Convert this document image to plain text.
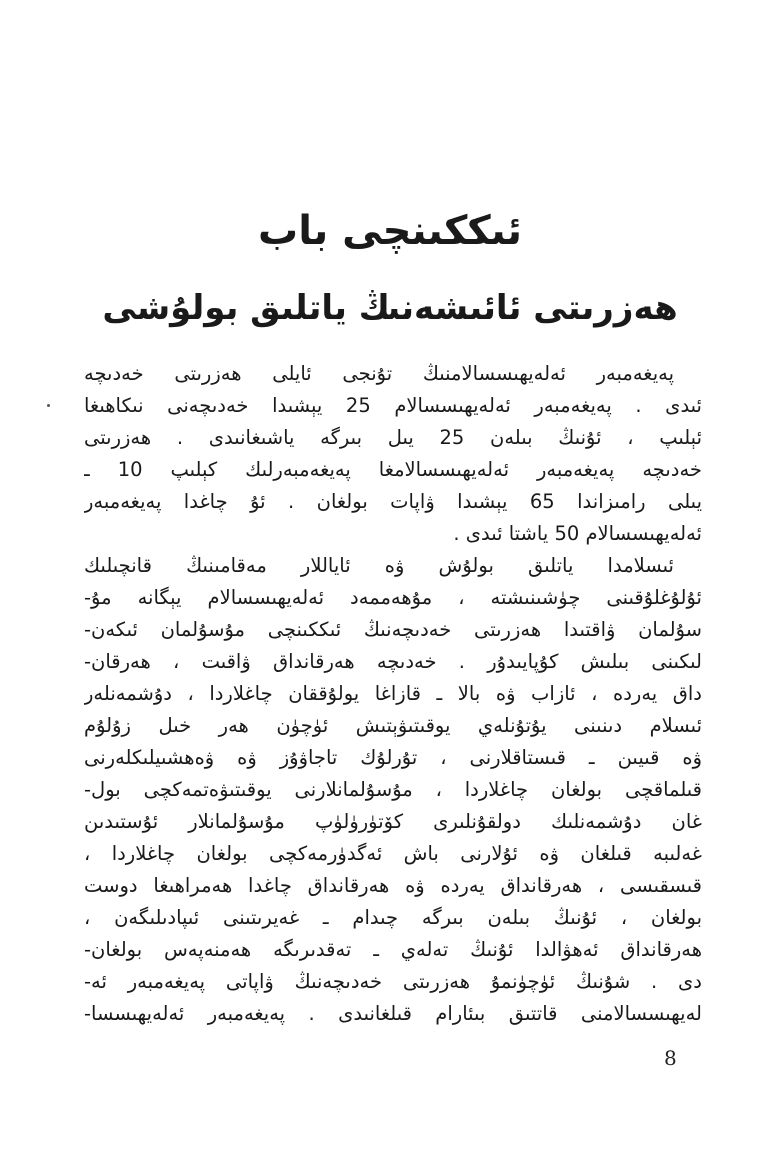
ئىككىنچى باب
ھەزرىتى ئائىشەنىڭ ياتلىق بولۇشى
پەيغەمبەر ئەلەيھىسسالامنىڭ تۇنجى ئايلى ھەزرىتى خەدىچە
ئىدى . پەيغەمبەر ئەلەيھىسسالام 25 يېشىدا خەدىچەنى نىكاھىغا
ئېلىپ ، ئۇنىڭ بىلەن 25 يىل بىرگە ياشىغانىدى . ھەزرىتى
خەدىچە پەيغەمبەر ئەلەيھىسسالامغا پەيغەمبەرلىك كېلىپ 10 ـ
يىلى رامىزاندا 65 يېشىدا ۋاپات بولغان . ئۇ چاغدا پەيغەمبەر
ئەلەيھىسسالام 50 ياشتا ئىدى .
ئىسلامدا ياتلىق بولۇش ۋە ئاياللار مەقامىنىڭ قانچىلىك
ئۇلۇغلۇقىنى چۈشىنىشتە ، مۇھەممەد ئەلەيھىسسالام يېگانە مۇ-
سۇلمان ۋاقتىدا ھەزرىتى خەدىچەنىڭ ئىككىنچى مۇسۇلمان ئىكەن-
لىكىنى بىلىش كۇپايىدۇر . خەدىچە ھەرقانداق ۋاقىت ، ھەرقان-
داق يەردە ، ئازاب ۋە بالا ـ قازاغا يولۇققان چاغلاردا ، دۇشمەنلەر
ئىسلام دىنىنى يۇتۇنلەي يوقىتىۋېتىش ئۈچۈن ھەر خىل زۇلۇم
ۋە قىيىن ـ قىستاقلارنى ، تۇرلۇك تاجاۋۇز ۋە ۋەھشىيلىكلەرنى
قىلماقچى بولغان چاغلاردا ، مۇسۇلمانلارنى يوقىتىۋەتمەكچى بول-
غان دۇشمەنلىك دولقۇنلىرى كۆتۈرۈلۈپ مۇسۇلمانلار ئۇستىدىن
غەلىبە قىلغان ۋە ئۇلارنى باش ئەگدۈرمەكچى بولغان چاغلاردا ،
قىسقىسى ، ھەرقانداق يەردە ۋە ھەرقانداق چاغدا ھەمراھىغا دوست
بولغان ، ئۇنىڭ بىلەن بىرگە چىدام ـ غەيرىتىنى ئىپادىلىگەن ،
ھەرقانداق ئەھۋالدا ئۇنىڭ تەلەي ـ تەقدىرىگە ھەمنەپەس بولغان-
دى . شۇنىڭ ئۈچۈنمۇ ھەزرىتى خەدىچەنىڭ ۋاپاتى پەيغەمبەر ئە-
لەيھىسسالامنى قاتتىق بىئارام قىلغانىدى . پەيغەمبەر ئەلەيھىسسا-
8
